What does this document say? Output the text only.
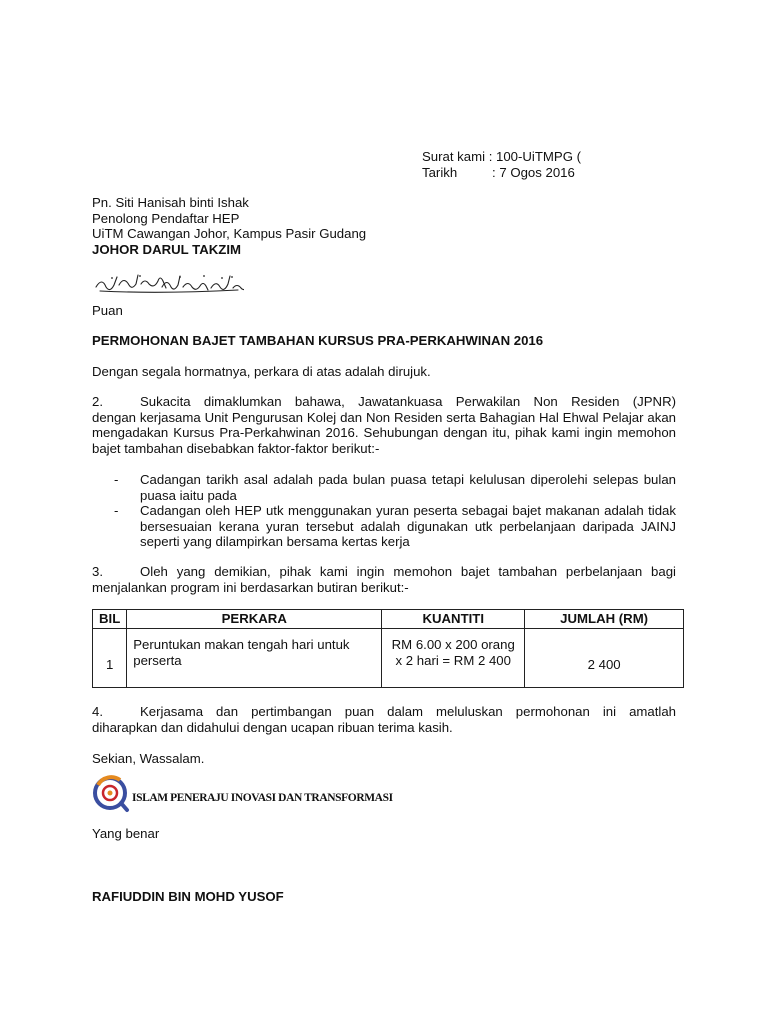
Surat kami : 100-UiTMPG (
Tarikh	: 7 Ogos 2016
Pn. Siti Hanisah binti Ishak
Penolong Pendaftar HEP
UiTM Cawangan Johor, Kampus Pasir Gudang
JOHOR DARUL TAKZIM
Puan
PERMOHONAN BAJET TAMBAHAN KURSUS PRA-PERKAHWINAN 2016
Dengan segala hormatnya, perkara di atas adalah dirujuk.
2.	Sukacita dimaklumkan bahawa, Jawatankuasa Perwakilan Non Residen (JPNR)
dengan kerjasama Unit Pengurusan Kolej dan Non Residen serta Bahagian Hal Ehwal Pelajar akan mengadakan Kursus Pra-Perkahwinan 2016. Sehubungan dengan itu, pihak kami ingin memohon bajet tambahan disebabkan faktor-faktor berikut:-
- Cadangan tarikh asal adalah pada bulan puasa tetapi kelulusan diperolehi selepas bulan puasa iaitu pada
- Cadangan oleh HEP utk menggunakan yuran peserta sebagai bajet makanan adalah tidak bersesuaian kerana yuran tersebut adalah digunakan utk perbelanjaan daripada JAINJ seperti yang dilampirkan bersama kertas kerja
3.	Oleh yang demikian, pihak kami ingin memohon bajet tambahan perbelanjaan bagi
menjalankan program ini berdasarkan butiran berikut:-
BIL	PERKARA	KUANTITI	JUMLAH (RM)
1	Peruntukan makan tengah hari untuk perserta	RM 6.00 x 200 orang
x 2 hari = RM 2 400	2 400
4.	Kerjasama dan pertimbangan puan dalam meluluskan permohonan ini amatlah
diharapkan dan didahului dengan ucapan ribuan terima kasih.
Sekian, Wassalam.
ISLAM PENERAJU INOVASI DAN TRANSFORMASI
Yang benar
RAFIUDDIN BIN MOHD YUSOF
